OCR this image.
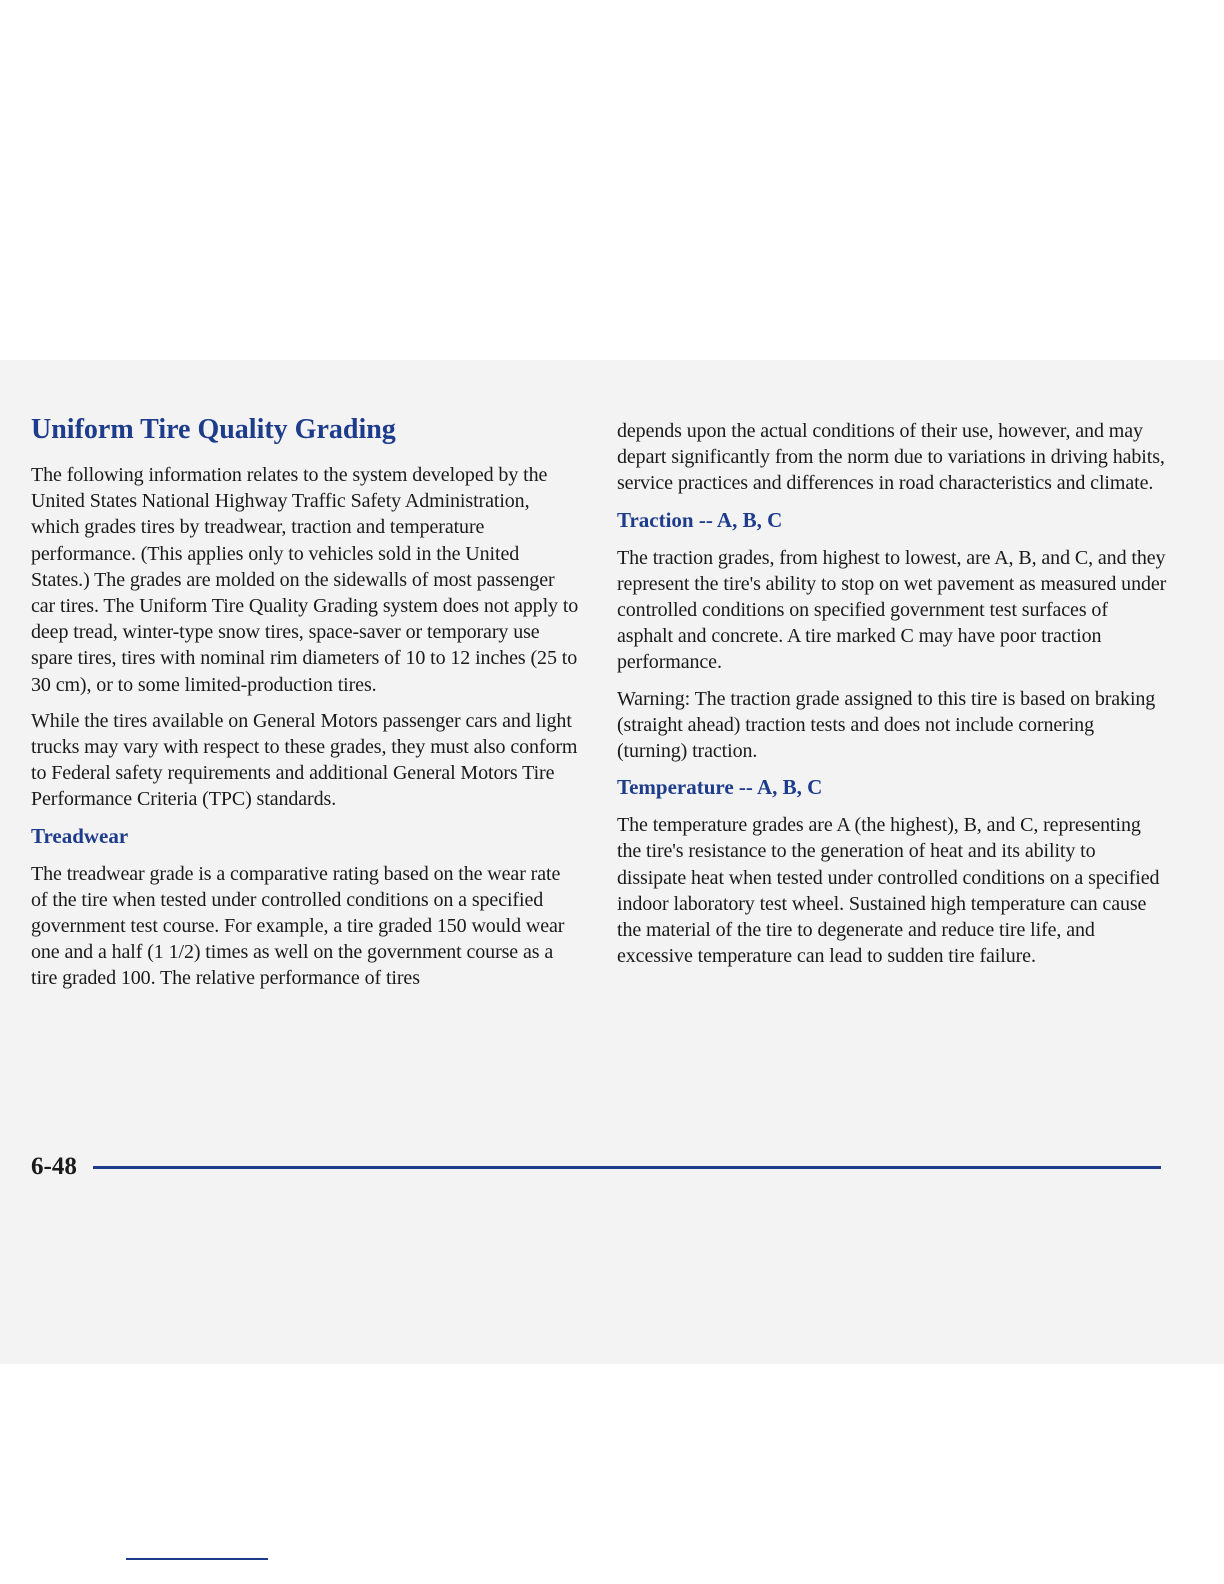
Uniform Tire Quality Grading

The following information relates to the system developed by the United States National Highway Traffic Safety Administration, which grades tires by treadwear, traction and temperature performance. (This applies only to vehicles sold in the United States.) The grades are molded on the sidewalls of most passenger car tires. The Uniform Tire Quality Grading system does not apply to deep tread, winter-type snow tires, space-saver or temporary use spare tires, tires with nominal rim diameters of 10 to 12 inches (25 to 30 cm), or to some limited-production tires.

While the tires available on General Motors passenger cars and light trucks may vary with respect to these grades, they must also conform to Federal safety requirements and additional General Motors Tire Performance Criteria (TPC) standards.

Treadwear

The treadwear grade is a comparative rating based on the wear rate of the tire when tested under controlled conditions on a specified government test course. For example, a tire graded 150 would wear one and a half (1 1/2) times as well on the government course as a tire graded 100. The relative performance of tires

depends upon the actual conditions of their use, however, and may depart significantly from the norm due to variations in driving habits, service practices and differences in road characteristics and climate.

Traction -- A, B, C

The traction grades, from highest to lowest, are A, B, and C, and they represent the tire's ability to stop on wet pavement as measured under controlled conditions on specified government test surfaces of asphalt and concrete. A tire marked C may have poor traction performance.

Warning: The traction grade assigned to this tire is based on braking (straight ahead) traction tests and does not include cornering (turning) traction.

Temperature -- A, B, C

The temperature grades are A (the highest), B, and C, representing the tire's resistance to the generation of heat and its ability to dissipate heat when tested under controlled conditions on a specified indoor laboratory test wheel. Sustained high temperature can cause the material of the tire to degenerate and reduce tire life, and excessive temperature can lead to sudden tire failure.

6-48
